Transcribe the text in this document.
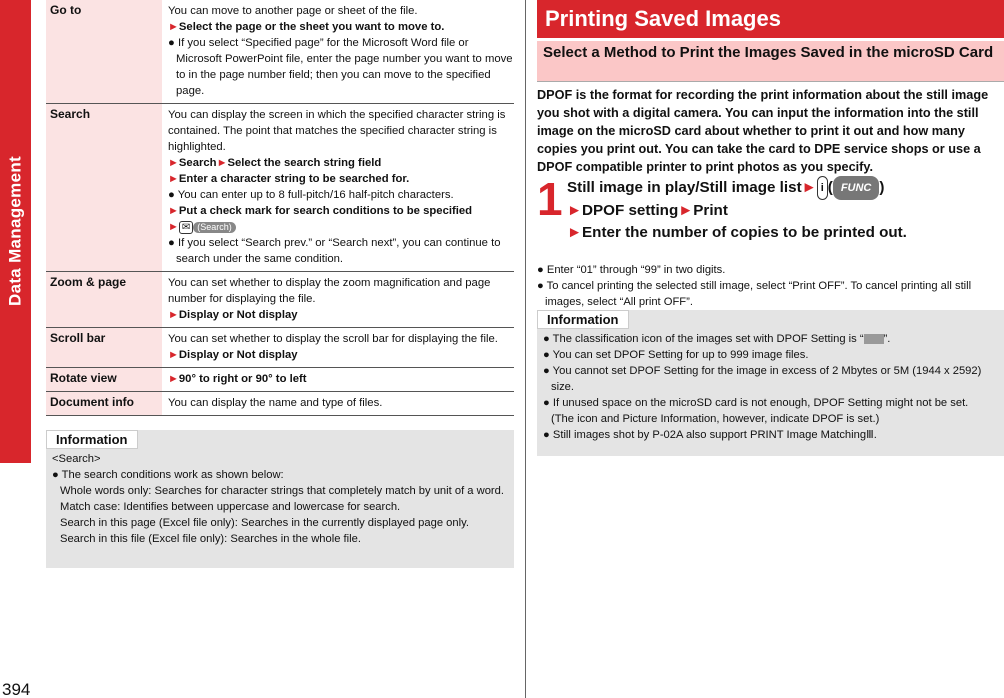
Data Management
394
Go to	You can move to another page or sheet of the file.

►Select the page or the sheet you want to move to.

● If you select “Specified page” for the Microsoft Word file or Microsoft PowerPoint file, enter the page number you want to move to in the page number field; then you can move to the specified page.

Search	You can display the screen in which the specified character string is contained. The point that matches the specified character string is highlighted.

►Search►Select the search string field

►Enter a character string to be searched for.

● You can enter up to 8 full-pitch/16 half-pitch characters.

►Put a check mark for search conditions to be specified

► ✉ (Search)

● If you select “Search prev.” or “Search next”, you can continue to search under the same condition.

Zoom & page	You can set whether to display the zoom magnification and page number for displaying the file.

►Display or Not display

Scroll bar	You can set whether to display the scroll bar for displaying the file.

►Display or Not display

Rotate view	►90° to right or 90° to left

Document info	You can display the name and type of files.

Information

<Search>

● The search conditions work as shown below:

Whole words only: Searches for character strings that completely match by unit of a word.

Match case: Identifies between uppercase and lowercase for search.

Search in this page (Excel file only): Searches in the currently displayed page only.

Search in this file (Excel file only): Searches in the whole file.

Printing Saved Images
Select a Method to Print the Images Saved in the microSD Card
DPOF is the format for recording the print information about the still image you shot with a digital camera. You can input the information into the still image on the microSD card about whether to print it out and how many copies you print out. You can take the card to DPE service shops or use a DPOF compatible printer to print photos as you specify.
1 Still image in play/Still image list► i ( FUNC )
►DPOF setting►Print
►Enter the number of copies to be printed out.

● Enter “01” through “99” in two digits.

● To cancel printing the selected still image, select “Print OFF”. To cancel printing all still images, select “All print OFF”.

Information

● The classification icon of the images set with DPOF Setting is “ ”.

● You can set DPOF Setting for up to 999 image files.

● You cannot set DPOF Setting for the image in excess of 2 Mbytes or 5M (1944 x 2592) size.

● If unused space on the microSD card is not enough, DPOF Setting might not be set. (The icon and Picture Information, however, indicate DPOF is set.)

● Still images shot by P-02A also support PRINT Image MatchingⅢ.
